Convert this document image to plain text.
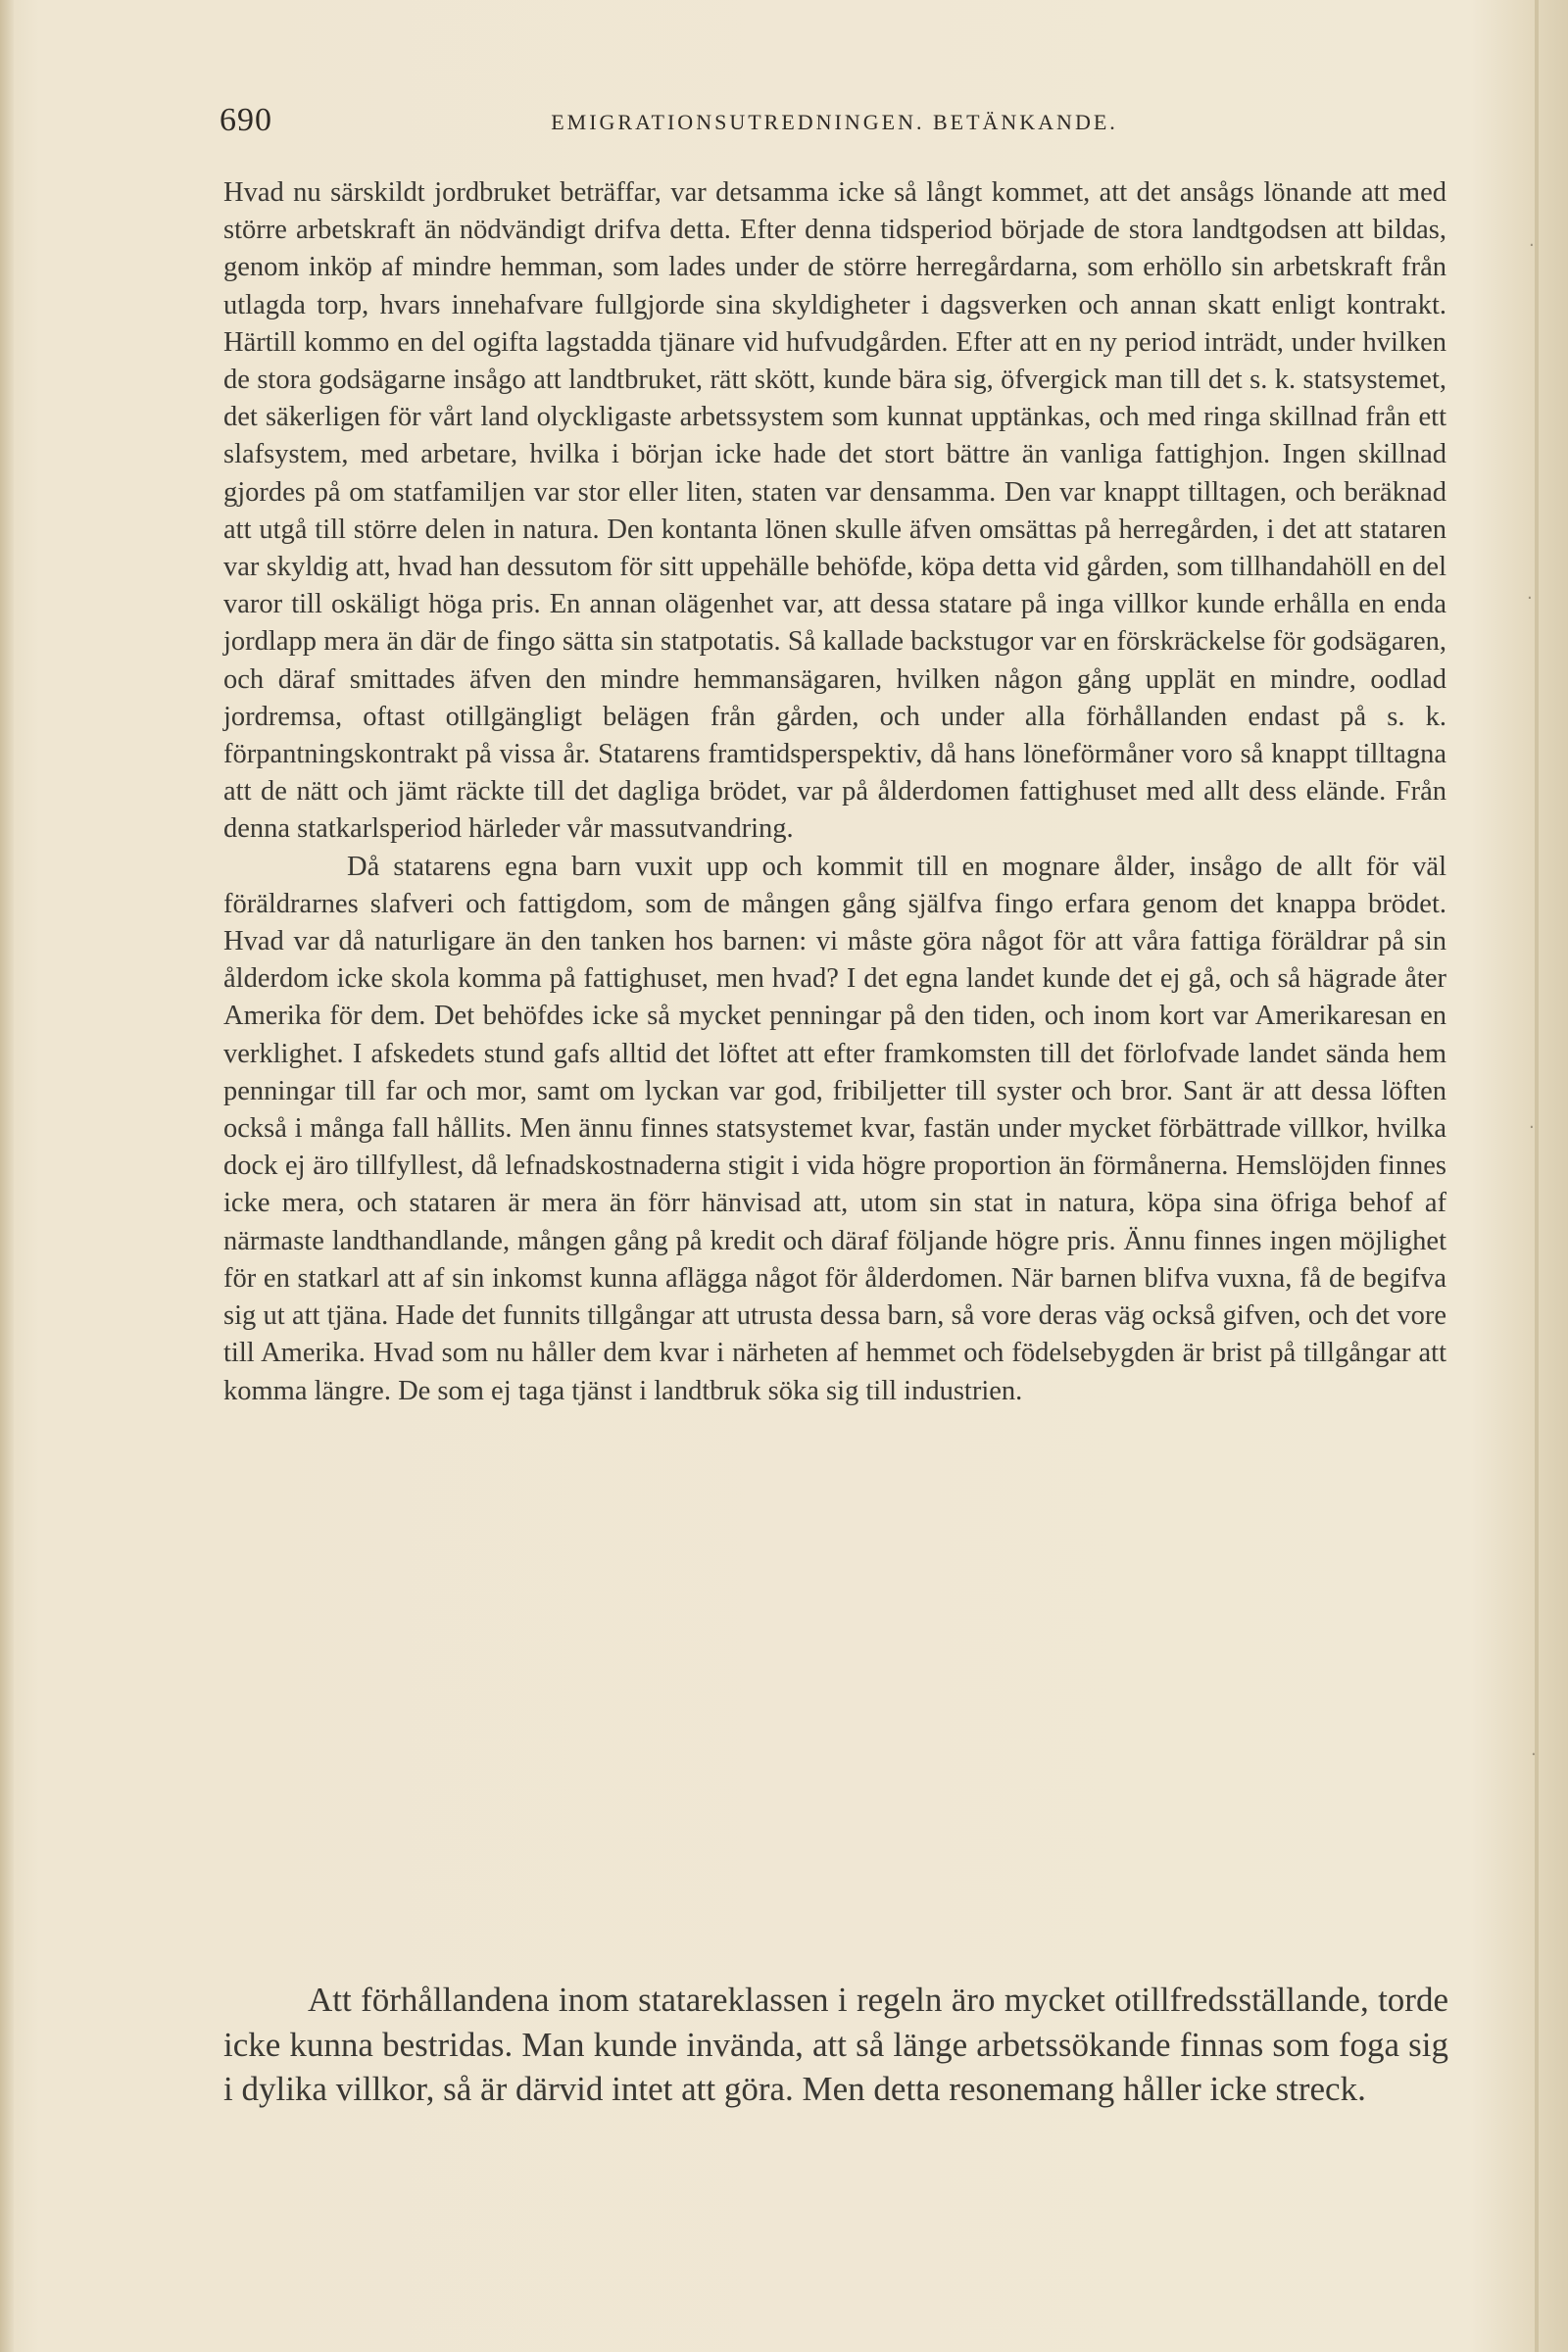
690	EMIGRATIONSUTREDNINGEN. BETÄNKANDE.

Hvad nu särskildt jordbruket beträffar, var detsamma icke så långt kommet, att det ansågs lönande att med större arbetskraft än nödvändigt drifva detta. Efter denna tidsperiod började de stora landtgodsen att bildas, genom inköp af mindre hemman, som lades under de större herregårdarna, som erhöllo sin arbetskraft från utlagda torp, hvars innehafvare fullgjorde sina skyldigheter i dagsverken och annan skatt enligt kontrakt. Härtill kommo en del ogifta lagstadda tjänare vid hufvudgården. Efter att en ny period inträdt, under hvilken de stora godsägarne insågo att landtbruket, rätt skött, kunde bära sig, öfvergick man till det s. k. statsystemet, det säkerligen för vårt land olyckligaste arbetssystem som kunnat upptänkas, och med ringa skillnad från ett slafsystem, med arbetare, hvilka i början icke hade det stort bättre än vanliga fattighjon. Ingen skillnad gjordes på om statfamiljen var stor eller liten, staten var densamma. Den var knappt tilltagen, och beräknad att utgå till större delen in natura. Den kontanta lönen skulle äfven omsättas på herregården, i det att stataren var skyldig att, hvad han dessutom för sitt uppehälle behöfde, köpa detta vid gården, som tillhandahöll en del varor till oskäligt höga pris. En annan olägenhet var, att dessa statare på inga villkor kunde erhålla en enda jordlapp mera än där de fingo sätta sin statpotatis. Så kallade backstugor var en förskräckelse för godsägaren, och däraf smittades äfven den mindre hemmansägaren, hvilken någon gång upplät en mindre, oodlad jordremsa, oftast otillgängligt belägen från gården, och under alla förhållanden endast på s. k. förpantningskontrakt på vissa år. Statarens framtidsperspektiv, då hans löneförmåner voro så knappt tilltagna att de nätt och jämt räckte till det dagliga brödet, var på ålderdomen fattighuset med allt dess elände. Från denna statkarlsperiod härleder vår massutvandring.

Då statarens egna barn vuxit upp och kommit till en mognare ålder, insågo de allt för väl föräldrarnes slafveri och fattigdom, som de mången gång själfva fingo erfara genom det knappa brödet. Hvad var då naturligare än den tanken hos barnen: vi måste göra något för att våra fattiga föräldrar på sin ålderdom icke skola komma på fattighuset, men hvad? I det egna landet kunde det ej gå, och så hägrade åter Amerika för dem. Det behöfdes icke så mycket penningar på den tiden, och inom kort var Amerikaresan en verklighet. I afskedets stund gafs alltid det löftet att efter framkomsten till det förlofvade landet sända hem penningar till far och mor, samt om lyckan var god, fribiljetter till syster och bror. Sant är att dessa löften också i många fall hållits. Men ännu finnes statsystemet kvar, fastän under mycket förbättrade villkor, hvilka dock ej äro tillfyllest, då lefnadskostnaderna stigit i vida högre proportion än förmånerna. Hemslöjden finnes icke mera, och stataren är mera än förr hänvisad att, utom sin stat in natura, köpa sina öfriga behof af närmaste landthandlande, mången gång på kredit och däraf följande högre pris. Ännu finnes ingen möjlighet för en statkarl att af sin inkomst kunna aflägga något för ålderdomen. När barnen blifva vuxna, få de begifva sig ut att tjäna. Hade det funnits tillgångar att utrusta dessa barn, så vore deras väg också gifven, och det vore till Amerika. Hvad som nu håller dem kvar i närheten af hemmet och födelsebygden är brist på tillgångar att komma längre. De som ej taga tjänst i landtbruk söka sig till industrien.

Att förhållandena inom statareklassen i regeln äro mycket otillfredsställande, torde icke kunna bestridas. Man kunde invända, att så länge arbetssökande finnas som foga sig i dylika villkor, så är därvid intet att göra. Men detta resonemang håller icke streck.

·
·
·
·
